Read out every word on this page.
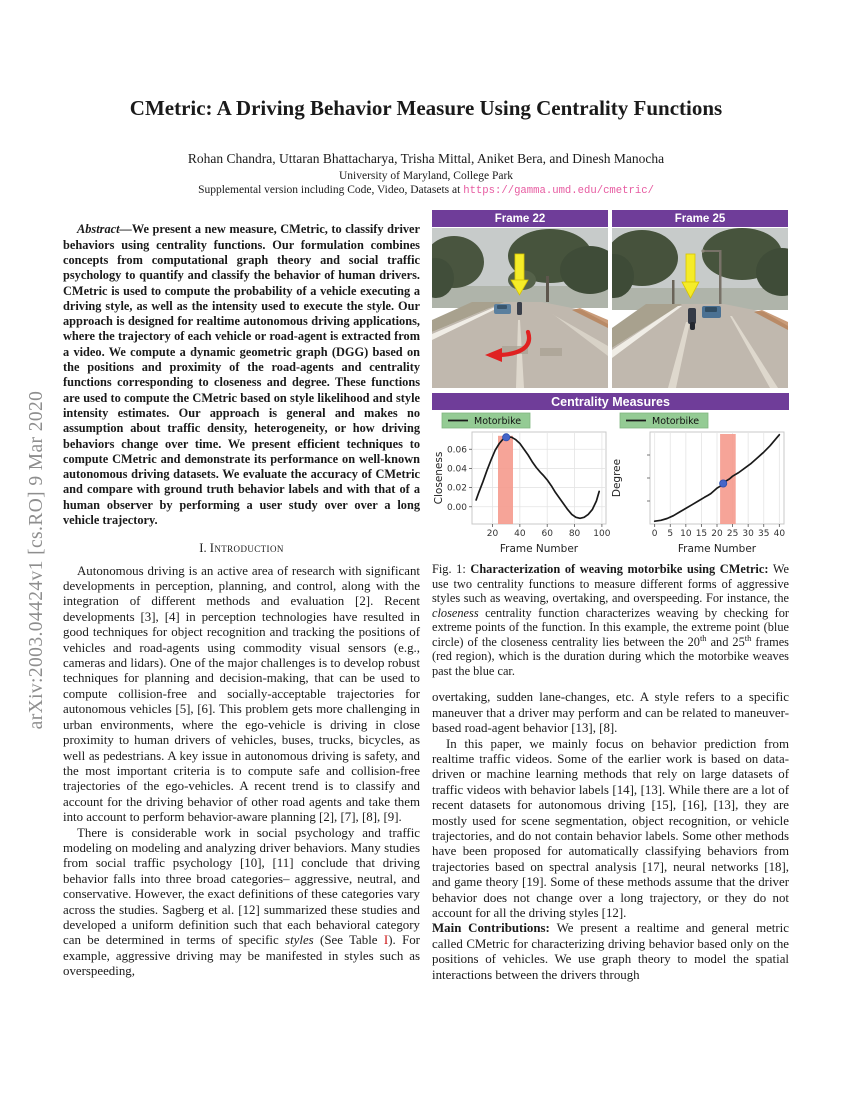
arXiv:2003.04424v1 [cs.RO] 9 Mar 2020
CMetric: A Driving Behavior Measure Using Centrality Functions
Rohan Chandra, Uttaran Bhattacharya, Trisha Mittal, Aniket Bera, and Dinesh Manocha
University of Maryland, College Park
Supplemental version including Code, Video, Datasets at https://gamma.umd.edu/cmetric/

Abstract—We present a new measure, CMetric, to classify driver behaviors using centrality functions. Our formulation combines concepts from computational graph theory and social traffic psychology to quantify and classify the behavior of human drivers. CMetric is used to compute the probability of a vehicle executing a driving style, as well as the intensity used to execute the style. Our approach is designed for realtime autonomous driving applications, where the trajectory of each vehicle or road-agent is extracted from a video. We compute a dynamic geometric graph (DGG) based on the positions and proximity of the road-agents and centrality functions corresponding to closeness and degree. These functions are used to compute the CMetric based on style likelihood and style intensity estimates. Our approach is general and makes no assumption about traffic density, heterogeneity, or how driving behaviors change over time. We present efficient techniques to compute CMetric and demonstrate its performance on well-known autonomous driving datasets. We evaluate the accuracy of CMetric and compare with ground truth behavior labels and with that of a human observer by performing a user study over over a long vehicle trajectory.

I. Introduction

Autonomous driving is an active area of research with significant developments in perception, planning, and control, along with the integration of different methods and evaluation [2]. Recent developments [3], [4] in perception technologies have resulted in good techniques for object recognition and tracking the positions of vehicles and road-agents using commodity visual sensors (e.g., cameras and lidars). One of the major challenges is to develop robust techniques for planning and decision-making, that can be used to compute collision-free and socially-acceptable trajectories for autonomous vehicles [5], [6]. This problem gets more challenging in urban environments, where the ego-vehicle is driving in close proximity to human drivers of vehicles, buses, trucks, bicycles, as well as pedestrians. A key issue in autonomous driving is safety, and the most important criteria is to compute safe and collision-free trajectories of the ego-vehicles. A recent trend is to classify and account for the driving behavior of other road agents and take them into account to perform behavior-aware planning [2], [7], [8], [9].

There is considerable work in social psychology and traffic modeling on modeling and analyzing driver behaviors. Many studies from social traffic psychology [10], [11] conclude that driving behavior falls into three broad categories– aggressive, neutral, and conservative. However, the exact definitions of these categories vary across the studies. Sagberg et al. [12] summarized these studies and developed a uniform definition such that each behavioral category can be determined in terms of specific styles (See Table I). For example, aggressive driving may be manifested in styles such as overspeeding,

Frame 22	Frame 25
Centrality Measures
20 40 60 80 100
0.00
0.02
0.04
0.06
Frame Number
Closeness
Motorbike
0 5 10 15 20 25 30 35 40
Frame Number
Degree
Motorbike

Fig. 1: Characterization of weaving motorbike using CMetric: We use two centrality functions to measure different forms of aggressive styles such as weaving, overtaking, and overspeeding. For instance, the closeness centrality function characterizes weaving by checking for extreme points of the function. In this example, the extreme point (blue circle) of the closeness centrality lies between the 20th and 25th frames (red region), which is the duration during which the motorbike weaves past the blue car.

overtaking, sudden lane-changes, etc. A style refers to a specific maneuver that a driver may perform and can be related to maneuver-based road-agent behavior [13], [8].

In this paper, we mainly focus on behavior prediction from realtime traffic videos. Some of the earlier work is based on data-driven or machine learning methods that rely on large datasets of traffic videos with behavior labels [14], [13]. While there are a lot of recent datasets for autonomous driving [15], [16], [13], they are mostly used for scene segmentation, object recognition, or vehicle trajectories, and do not contain behavior labels. Some other methods have been proposed for automatically classifying behaviors from trajectories based on spectral analysis [17], neural networks [18], and game theory [19]. Some of these methods assume that the driver behavior does not change over a long trajectory, or they do not account for all the driving styles [12].

Main Contributions: We present a realtime and general metric called CMetric for characterizing driving behavior based only on the positions of vehicles. We use graph theory to model the spatial interactions between the drivers through
